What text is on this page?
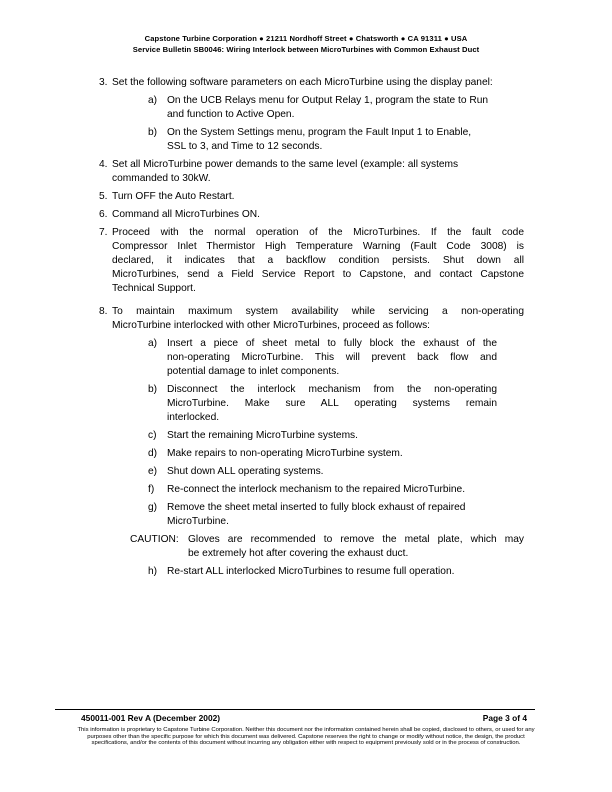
Capstone Turbine Corporation ● 21211 Nordhoff Street ● Chatsworth ● CA 91311 ● USA
Service Bulletin SB0046: Wiring Interlock between MicroTurbines with Common Exhaust Duct
3. Set the following software parameters on each MicroTurbine using the display panel:
a) On the UCB Relays menu for Output Relay 1, program the state to Run
and function to Active Open.
b) On the System Settings menu, program the Fault Input 1 to Enable,
SSL to 3, and Time to 12 seconds.
4. Set all MicroTurbine power demands to the same level (example: all systems
commanded to 30kW.
5. Turn OFF the Auto Restart.
6. Command all MicroTurbines ON.
7. Proceed with the normal operation of the MicroTurbines. If the fault code
Compressor Inlet Thermistor High Temperature Warning (Fault Code 3008) is
declared, it indicates that a backflow condition persists. Shut down all
MicroTurbines, send a Field Service Report to Capstone, and contact Capstone
Technical Support.
8. To maintain maximum system availability while servicing a non-operating
MicroTurbine interlocked with other MicroTurbines, proceed as follows:
a) Insert a piece of sheet metal to fully block the exhaust of the
non-operating MicroTurbine. This will prevent back flow and
potential damage to inlet components.
b) Disconnect the interlock mechanism from the non-operating
MicroTurbine. Make sure ALL operating systems remain
interlocked.
c)	Start the remaining MicroTurbine systems.
d) Make repairs to non-operating MicroTurbine system.
e) Shut down ALL operating systems.
f)	Re-connect the interlock mechanism to the repaired MicroTurbine.
g) Remove the sheet metal inserted to fully block exhaust of repaired
MicroTurbine.
CAUTION: Gloves are recommended to remove the metal plate, which may
be extremely hot after covering the exhaust duct.
h) Re-start ALL interlocked MicroTurbines to resume full operation.
450011-001 Rev A (December 2002)	Page 3 of 4
This information is proprietary to Capstone Turbine Corporation. Neither this document nor the information contained herein shall be copied, disclosed to others, or used for any
purposes other than the specific purpose for which this document was delivered. Capstone reserves the right to change or modify without notice, the design, the product
specifications, and/or the contents of this document without incurring any obligation either with respect to equipment previously sold or in the process of construction.
